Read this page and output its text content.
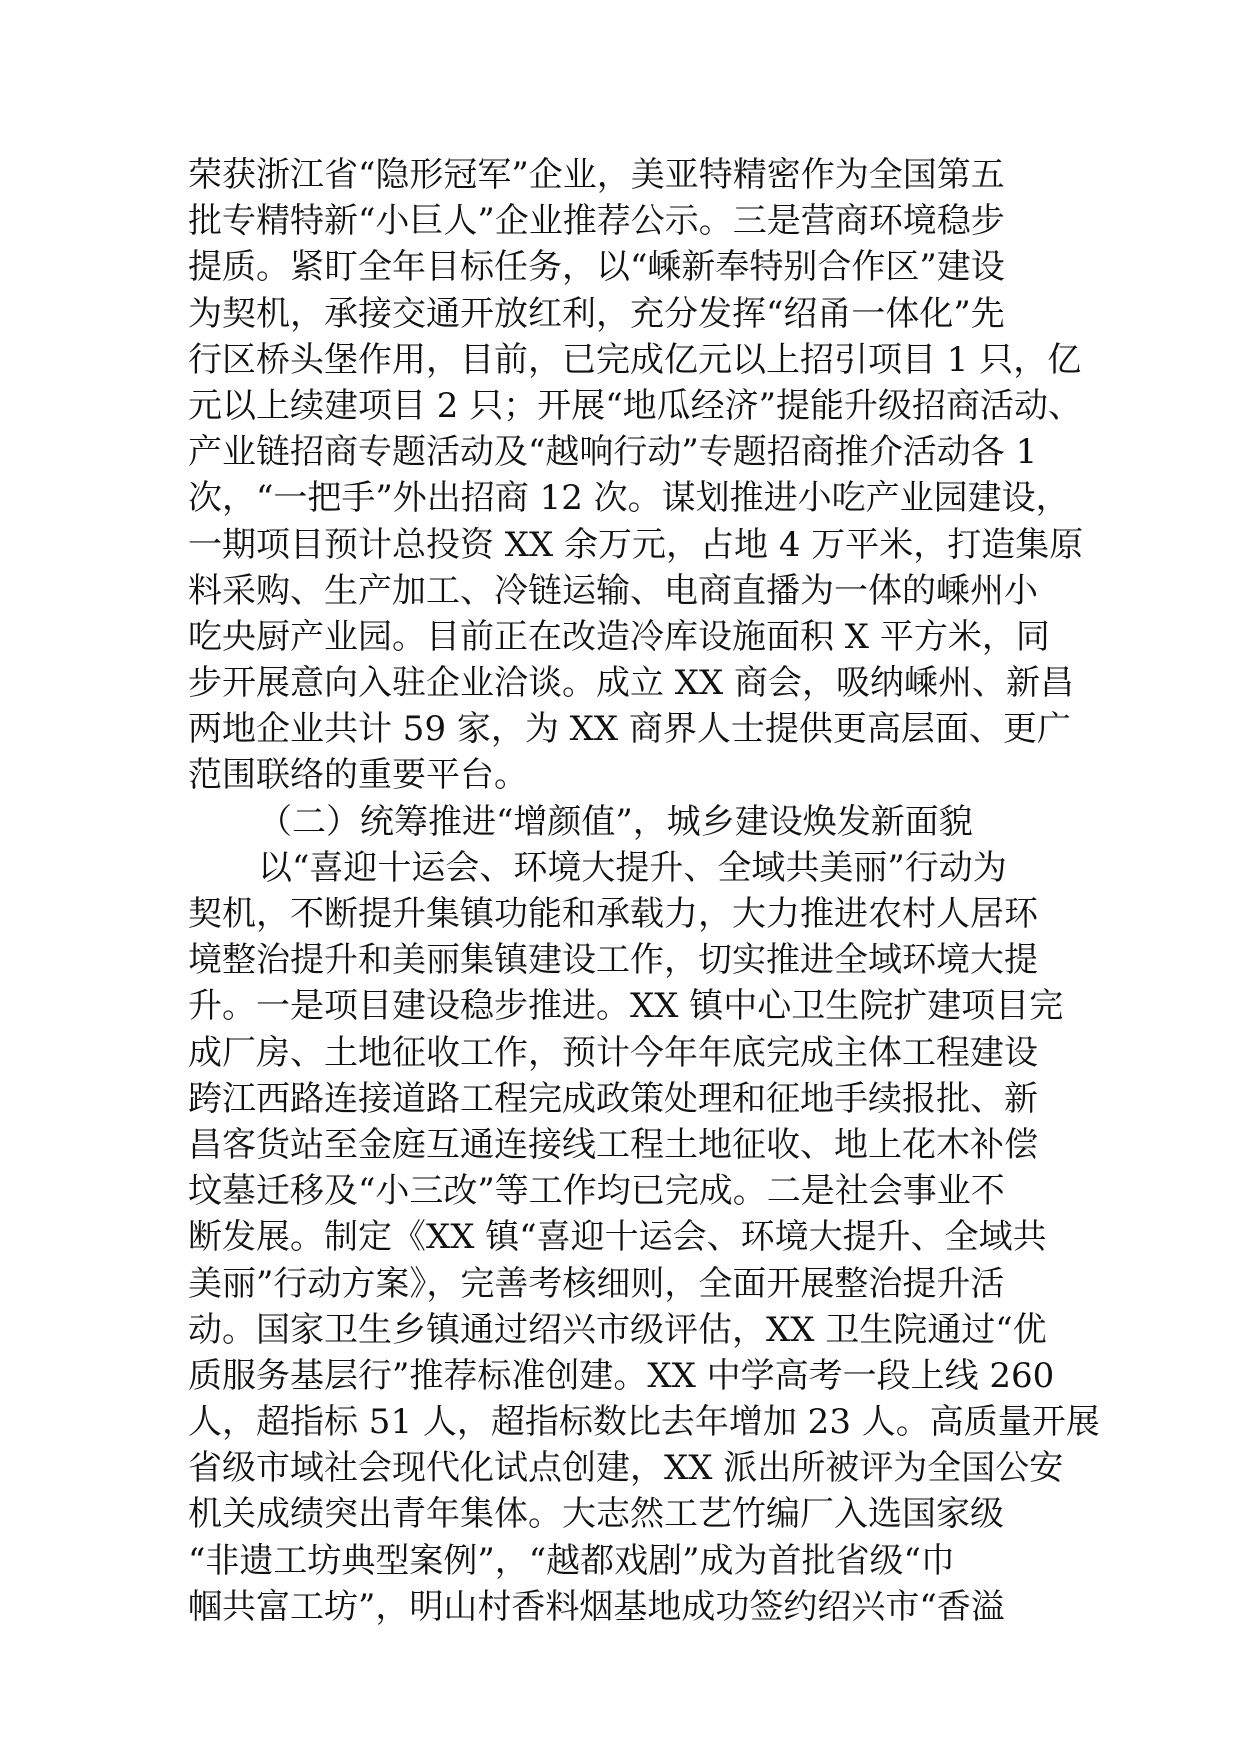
荣获浙江省“隐形冠军”企业，美亚特精密作为全国第五
批专精特新“小巨人”企业推荐公示。三是营商环境稳步
提质。紧盯全年目标任务，以“嵊新奉特别合作区”建设
为契机，承接交通开放红利，充分发挥“绍甬一体化”先
行区桥头堡作用，目前，已完成亿元以上招引项目 1 只，亿
元以上续建项目 2 只；开展“地瓜经济”提能升级招商活动、
产业链招商专题活动及“越响行动”专题招商推介活动各 1
次，“一把手”外出招商 12 次。谋划推进小吃产业园建设，
一期项目预计总投资 XX 余万元，占地 4 万平米，打造集原
料采购、生产加工、冷链运输、电商直播为一体的嵊州小
吃央厨产业园。目前正在改造冷库设施面积 X 平方米，同
步开展意向入驻企业洽谈。成立 XX 商会，吸纳嵊州、新昌
两地企业共计 59 家，为 XX 商界人士提供更高层面、更广
范围联络的重要平台。
（二）统筹推进“增颜值”，城乡建设焕发新面貌
以“喜迎十运会、环境大提升、全域共美丽”行动为
契机，不断提升集镇功能和承载力，大力推进农村人居环
境整治提升和美丽集镇建设工作，切实推进全域环境大提
升。一是项目建设稳步推进。XX 镇中心卫生院扩建项目完
成厂房、土地征收工作，预计今年年底完成主体工程建设
跨江西路连接道路工程完成政策处理和征地手续报批、新
昌客货站至金庭互通连接线工程土地征收、地上花木补偿
坟墓迁移及“小三改”等工作均已完成。二是社会事业不
断发展。制定《XX 镇“喜迎十运会、环境大提升、全域共
美丽”行动方案》，完善考核细则，全面开展整治提升活
动。国家卫生乡镇通过绍兴市级评估，XX 卫生院通过“优
质服务基层行”推荐标准创建。XX 中学高考一段上线 260
人，超指标 51 人，超指标数比去年增加 23 人。高质量开展
省级市域社会现代化试点创建，XX 派出所被评为全国公安
机关成绩突出青年集体。大志然工艺竹编厂入选国家级
“非遗工坊典型案例”，“越都戏剧”成为首批省级“巾
帼共富工坊”，明山村香料烟基地成功签约绍兴市“香溢
